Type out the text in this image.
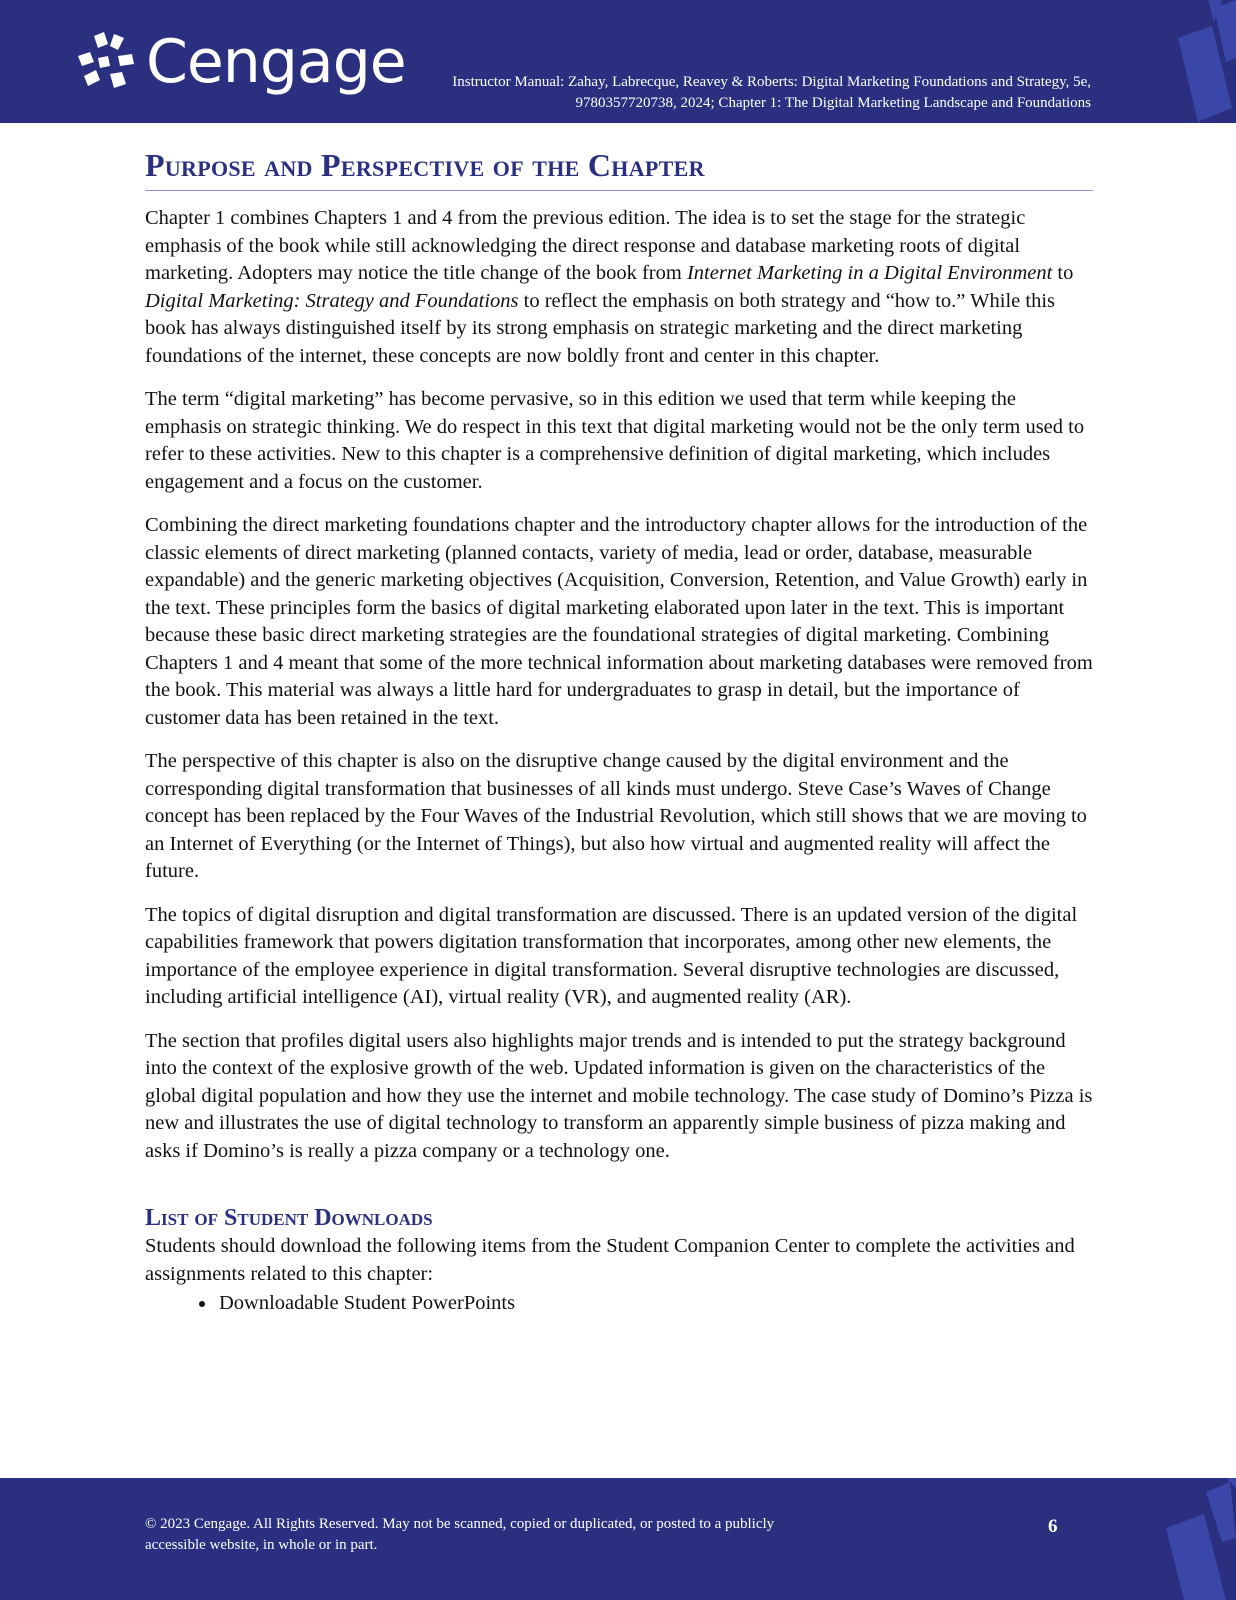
Cengage	Instructor Manual: Zahay, Labrecque, Reavey & Roberts: Digital Marketing Foundations and Strategy, 5e,
9780357720738, 2024; Chapter 1: The Digital Marketing Landscape and Foundations
Purpose and Perspective of the Chapter

Chapter 1 combines Chapters 1 and 4 from the previous edition. The idea is to set the stage for the strategic emphasis of the book while still acknowledging the direct response and database marketing roots of digital marketing. Adopters may notice the title change of the book from Internet Marketing in a Digital Environment to Digital Marketing: Strategy and Foundations to reflect the emphasis on both strategy and “how to.” While this book has always distinguished itself by its strong emphasis on strategic marketing and the direct marketing foundations of the internet, these concepts are now boldly front and center in this chapter.

The term “digital marketing” has become pervasive, so in this edition we used that term while keeping the emphasis on strategic thinking. We do respect in this text that digital marketing would not be the only term used to refer to these activities. New to this chapter is a comprehensive definition of digital marketing, which includes engagement and a focus on the customer.

Combining the direct marketing foundations chapter and the introductory chapter allows for the introduction of the classic elements of direct marketing (planned contacts, variety of media, lead or order, database, measurable expandable) and the generic marketing objectives (Acquisition, Conversion, Retention, and Value Growth) early in the text. These principles form the basics of digital marketing elaborated upon later in the text. This is important because these basic direct marketing strategies are the foundational strategies of digital marketing. Combining Chapters 1 and 4 meant that some of the more technical information about marketing databases were removed from the book. This material was always a little hard for undergraduates to grasp in detail, but the importance of customer data has been retained in the text.

The perspective of this chapter is also on the disruptive change caused by the digital environment and the corresponding digital transformation that businesses of all kinds must undergo. Steve Case’s Waves of Change concept has been replaced by the Four Waves of the Industrial Revolution, which still shows that we are moving to an Internet of Everything (or the Internet of Things), but also how virtual and augmented reality will affect the future.

The topics of digital disruption and digital transformation are discussed. There is an updated version of the digital capabilities framework that powers digitation transformation that incorporates, among other new elements, the importance of the employee experience in digital transformation. Several disruptive technologies are discussed, including artificial intelligence (AI), virtual reality (VR), and augmented reality (AR).

The section that profiles digital users also highlights major trends and is intended to put the strategy background into the context of the explosive growth of the web. Updated information is given on the characteristics of the global digital population and how they use the internet and mobile technology. The case study of Domino’s Pizza is new and illustrates the use of digital technology to transform an apparently simple business of pizza making and asks if Domino’s is really a pizza company or a technology one.

List of Student Downloads

Students should download the following items from the Student Companion Center to complete the activities and assignments related to this chapter:

• Downloadable Student PowerPoints
© 2023 Cengage. All Rights Reserved. May not be scanned, copied or duplicated, or posted to a publicly
accessible website, in whole or in part.
6
